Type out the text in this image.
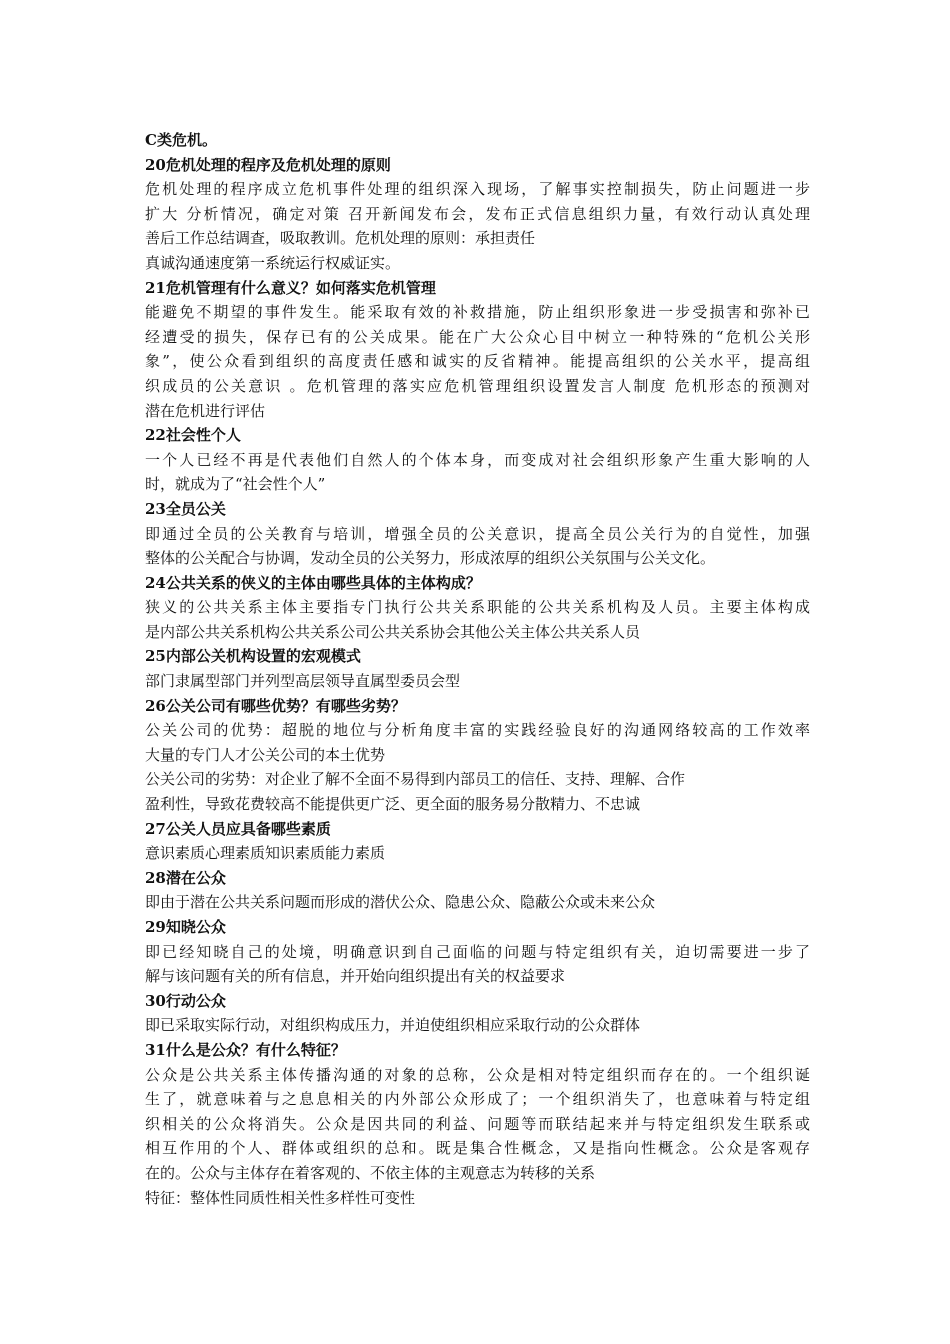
C类危机。
20危机处理的程序及危机处理的原则
危机处理的程序成立危机事件处理的组织深入现场，了解事实控制损失，防止问题进一步
扩大 分析情况，确定对策 召开新闻发布会，发布正式信息组织力量，有效行动认真处理
善后工作总结调查，吸取教训。危机处理的原则：承担责任
真诚沟通速度第一系统运行权威证实。
21危机管理有什么意义？如何落实危机管理
能避免不期望的事件发生。能采取有效的补救措施，防止组织形象进一步受损害和弥补已
经遭受的损失，保存已有的公关成果。能在广大公众心目中树立一种特殊的“危机公关形
象”，使公众看到组织的高度责任感和诚实的反省精神。能提高组织的公关水平，提高组
织成员的公关意识 。危机管理的落实应危机管理组织设置发言人制度 危机形态的预测对
潜在危机进行评估
22社会性个人
一个人已经不再是代表他们自然人的个体本身，而变成对社会组织形象产生重大影响的人
时，就成为了“社会性个人”
23全员公关
即通过全员的公关教育与培训，增强全员的公关意识，提高全员公关行为的自觉性，加强
整体的公关配合与协调，发动全员的公关努力，形成浓厚的组织公关氛围与公关文化。
24公共关系的侠义的主体由哪些具体的主体构成？
狭义的公共关系主体主要指专门执行公共关系职能的公共关系机构及人员。主要主体构成
是内部公共关系机构公共关系公司公共关系协会其他公关主体公共关系人员
25内部公关机构设置的宏观模式
部门隶属型部门并列型高层领导直属型委员会型
26公关公司有哪些优势？有哪些劣势？
公关公司的优势：超脱的地位与分析角度丰富的实践经验良好的沟通网络较高的工作效率
大量的专门人才公关公司的本土优势
公关公司的劣势：对企业了解不全面不易得到内部员工的信任、支持、理解、合作
盈利性，导致花费较高不能提供更广泛、更全面的服务易分散精力、不忠诚
27公关人员应具备哪些素质
意识素质心理素质知识素质能力素质
28潜在公众
即由于潜在公共关系问题而形成的潜伏公众、隐患公众、隐蔽公众或未来公众
29知晓公众
即已经知晓自己的处境，明确意识到自己面临的问题与特定组织有关，迫切需要进一步了
解与该问题有关的所有信息，并开始向组织提出有关的权益要求
30行动公众
即已采取实际行动，对组织构成压力，并迫使组织相应采取行动的公众群体
31什么是公众？有什么特征？
公众是公共关系主体传播沟通的对象的总称，公众是相对特定组织而存在的。一个组织诞
生了，就意味着与之息息相关的内外部公众形成了；一个组织消失了，也意味着与特定组
织相关的公众将消失。公众是因共同的利益、问题等而联结起来并与特定组织发生联系或
相互作用的个人、群体或组织的总和。既是集合性概念，又是指向性概念。公众是客观存
在的。公众与主体存在着客观的、不依主体的主观意志为转移的关系
特征：整体性同质性相关性多样性可变性
